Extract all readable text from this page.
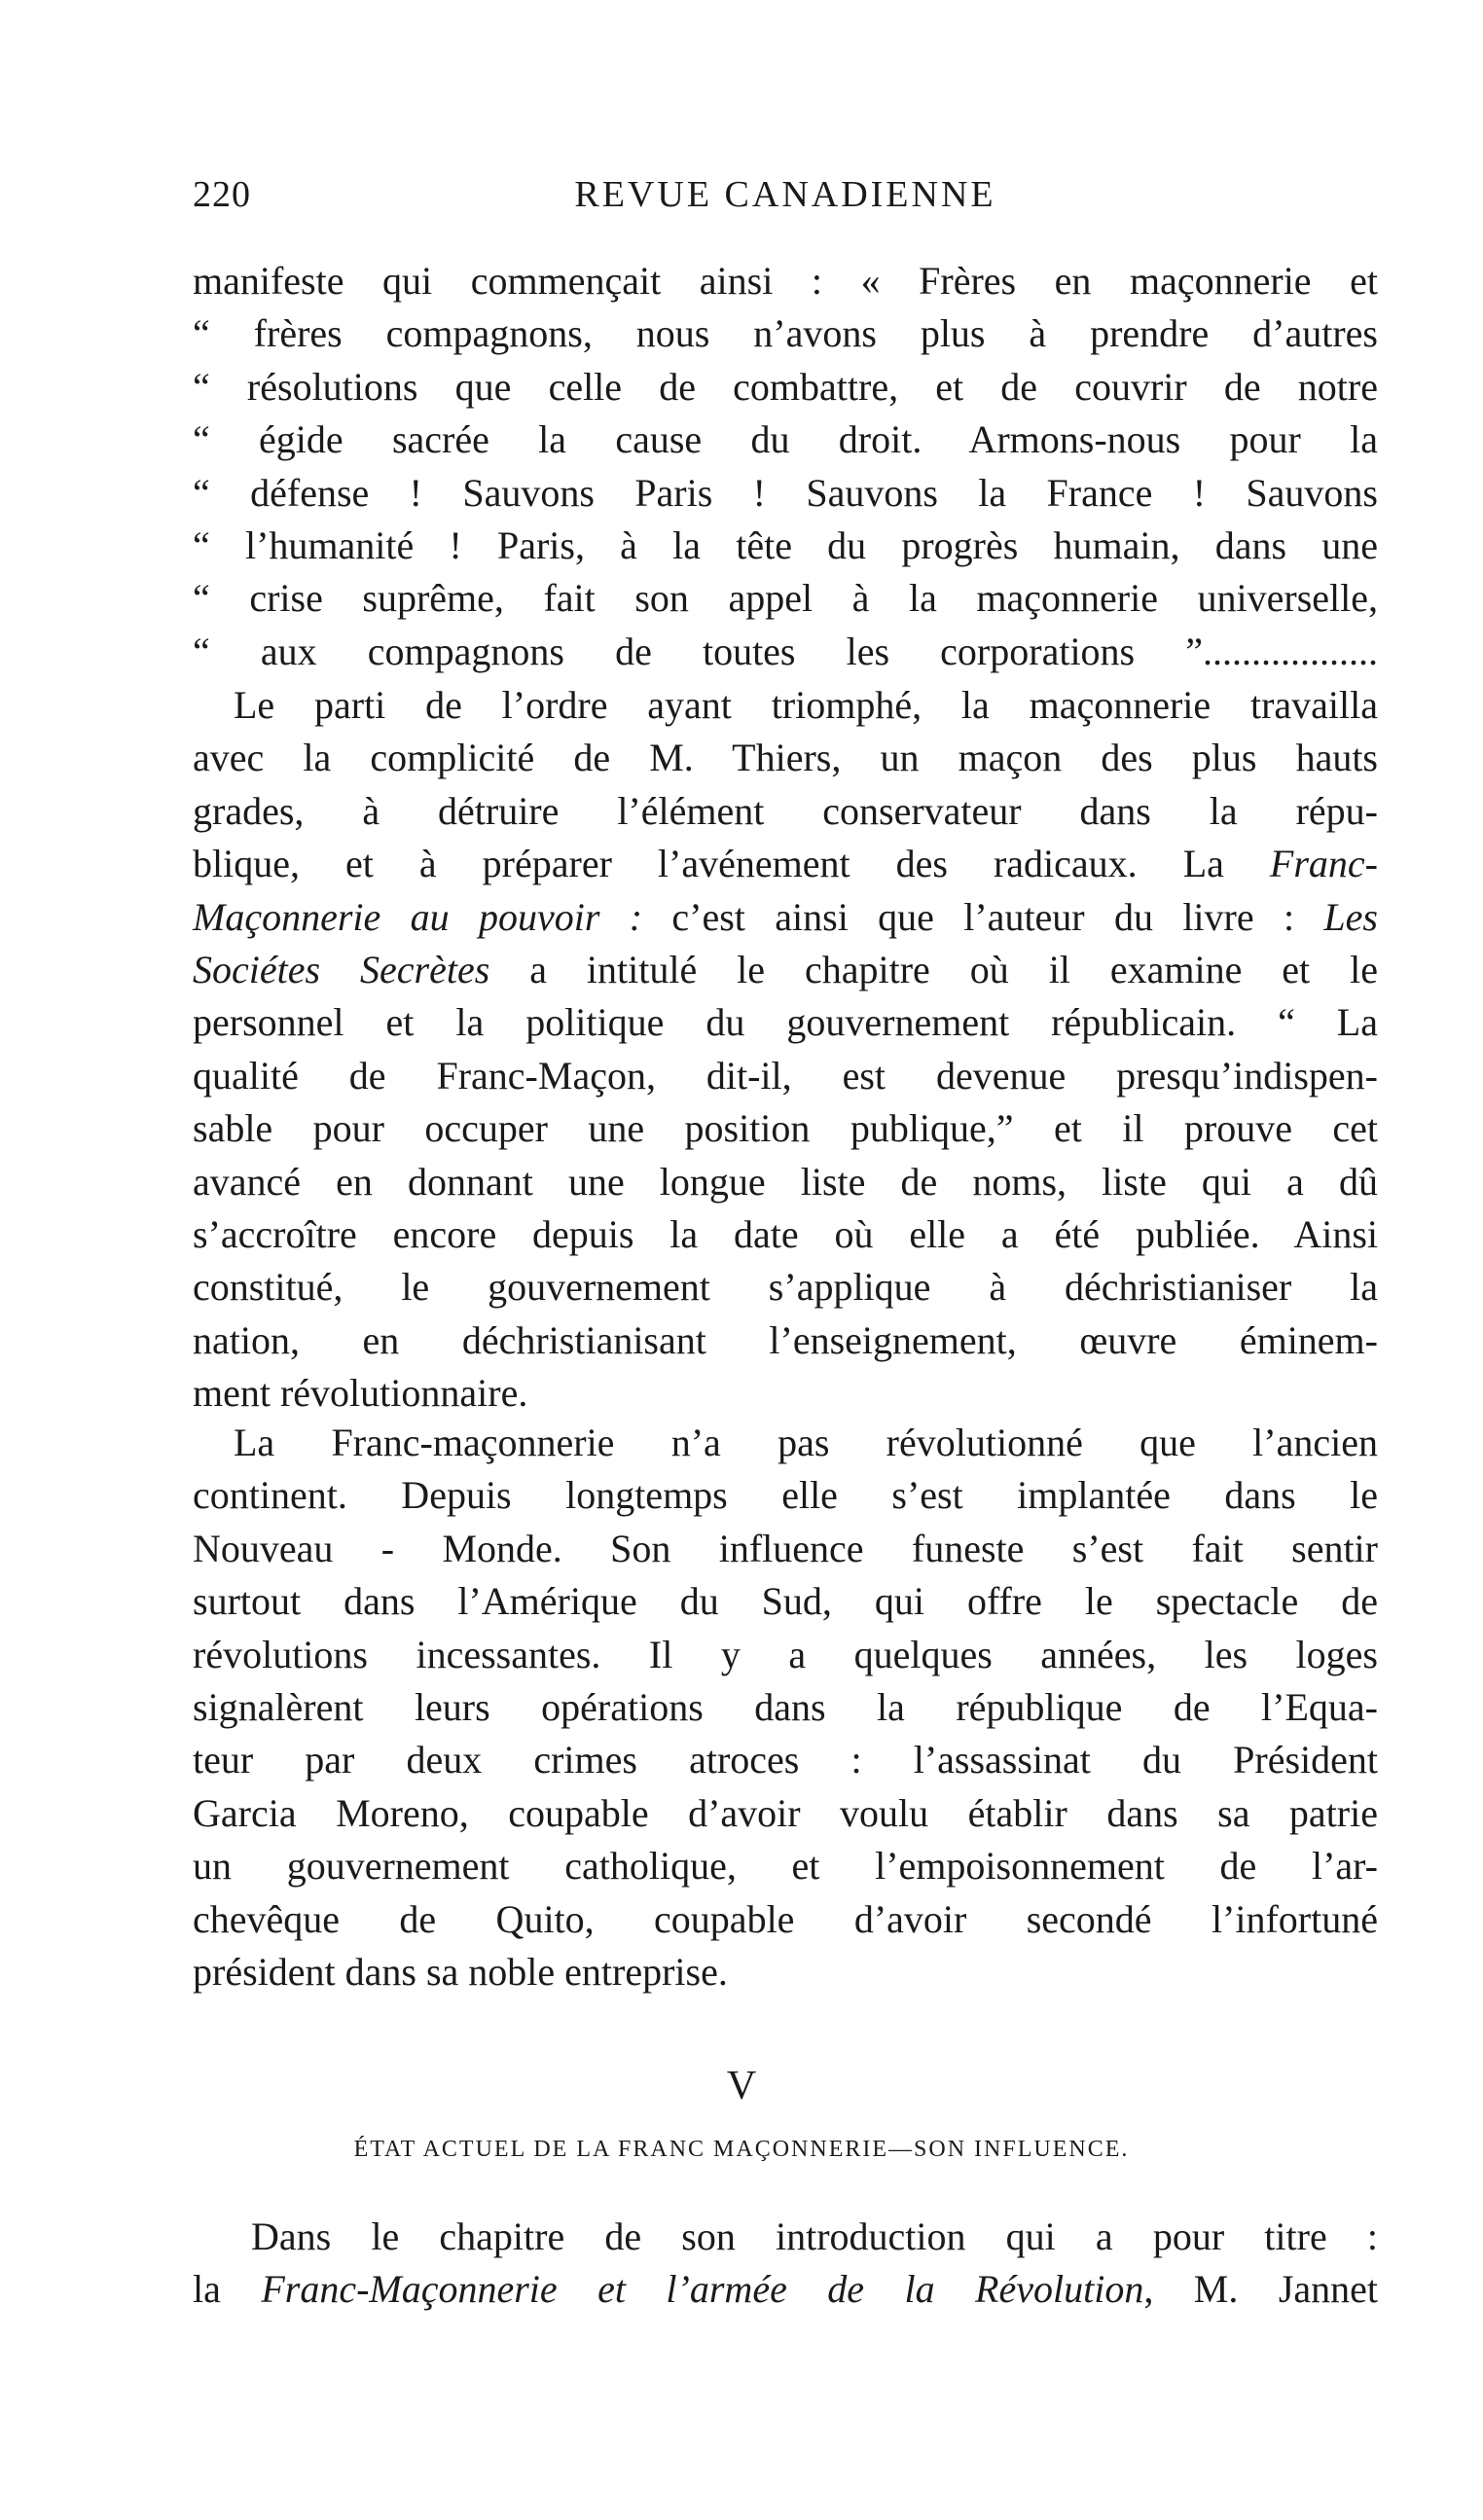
220	REVUE CANADIENNE
manifeste qui commençait ainsi : « Frères en maçonnerie et
“ frères compagnons, nous n’avons plus à prendre d’autres
“ résolutions que celle de combattre, et de couvrir de notre
“ égide sacrée la cause du droit. Armons-nous pour la
“ défense ! Sauvons Paris ! Sauvons la France ! Sauvons
“ l’humanité ! Paris, à la tête du progrès humain, dans une
“ crise suprême, fait son appel à la maçonnerie universelle,
“ aux compagnons de toutes les corporations ”..................
Le parti de l’ordre ayant triomphé, la maçonnerie travailla
avec la complicité de M. Thiers, un maçon des plus hauts
grades, à détruire l’élément conservateur dans la répu-
blique, et à préparer l’avénement des radicaux. La Franc-
Maçonnerie au pouvoir : c’est ainsi que l’auteur du livre : Les
Sociétes Secrètes a intitulé le chapitre où il examine et le
personnel et la politique du gouvernement républicain. “ La
qualité de Franc-Maçon, dit-il, est devenue presqu’indispen-
sable pour occuper une position publique,” et il prouve cet
avancé en donnant une longue liste de noms, liste qui a dû
s’accroître encore depuis la date où elle a été publiée. Ainsi
constitué, le gouvernement s’applique à déchristianiser la
nation, en déchristianisant l’enseignement, œuvre éminem-
ment révolutionnaire.
La Franc-maçonnerie n’a pas révolutionné que l’ancien
continent. Depuis longtemps elle s’est implantée dans le
Nouveau - Monde. Son influence funeste s’est fait sentir
surtout dans l’Amérique du Sud, qui offre le spectacle de
révolutions incessantes. Il y a quelques années, les loges
signalèrent leurs opérations dans la république de l’Equa-
teur par deux crimes atroces : l’assassinat du Président
Garcia Moreno, coupable d’avoir voulu établir dans sa patrie
un gouvernement catholique, et l’empoisonnement de l’ar-
chevêque de Quito, coupable d’avoir secondé l’infortuné
président dans sa noble entreprise.
V
ÉTAT ACTUEL DE LA FRANC MAÇONNERIE—SON INFLUENCE.
Dans le chapitre de son introduction qui a pour titre :
la Franc-Maçonnerie et l’armée de la Révolution, M. Jannet
